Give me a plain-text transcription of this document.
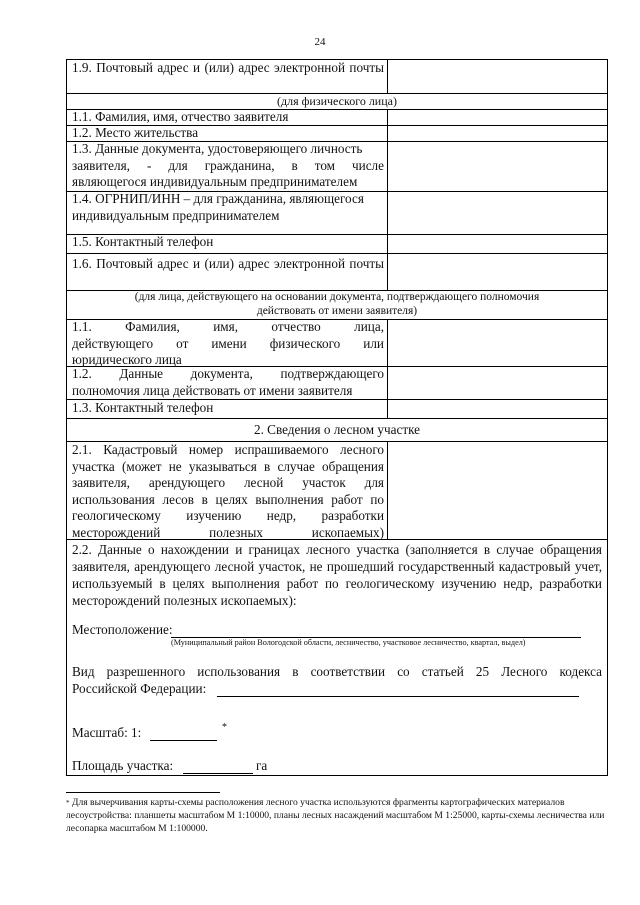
24
1.9. Почтовый адрес и (или) адрес электронной почты
(для физического лица)
1.1. Фамилия, имя, отчество заявителя
1.2. Место жительства
1.3. Данные документа, удостоверяющего личность
заявителя, - для гражданина, в том числе
являющегося индивидуальным предпринимателем
1.4. ОГРНИП/ИНН – для гражданина, являющегося
индивидуальным предпринимателем
1.5. Контактный телефон
1.6. Почтовый адрес и (или) адрес электронной почты
(для лица, действующего на основании документа, подтверждающего полномочия действовать от имени заявителя)
1.1. Фамилия, имя, отчество лица,
действующего от имени физического или
юридического лица
1.2. Данные документа, подтверждающего
полномочия лица действовать от имени заявителя
1.3. Контактный телефон
2. Сведения о лесном участке
2.1. Кадастровый номер испрашиваемого лесного участка (может не указываться в случае обращения заявителя, арендующего лесной участок для использования лесов в целях выполнения работ по геологическому изучению недр, разработки месторождений полезных ископаемых)
2.2. Данные о нахождении и границах лесного участка (заполняется в случае обращения заявителя, арендующего лесной участок, не прошедший государственный кадастровый учет, используемый в целях выполнения работ по геологическому изучению недр, разработки месторождений полезных ископаемых):
Местоположение:
(Муниципальный район Вологодской области, лесничество, участковое лесничество, квартал, выдел)
Вид разрешенного использования в соответствии со статьей 25 Лесного кодекса
Российской Федерации:
Масштаб: 1:	*
Площадь участка:	га
* Для вычерчивания карты-схемы расположения лесного участка используются фрагменты картографических материалов лесоустройства: планшеты масштабом М 1:10000, планы лесных насаждений масштабом М 1:25000, карты-схемы лесничества или лесопарка масштабом М 1:100000.
